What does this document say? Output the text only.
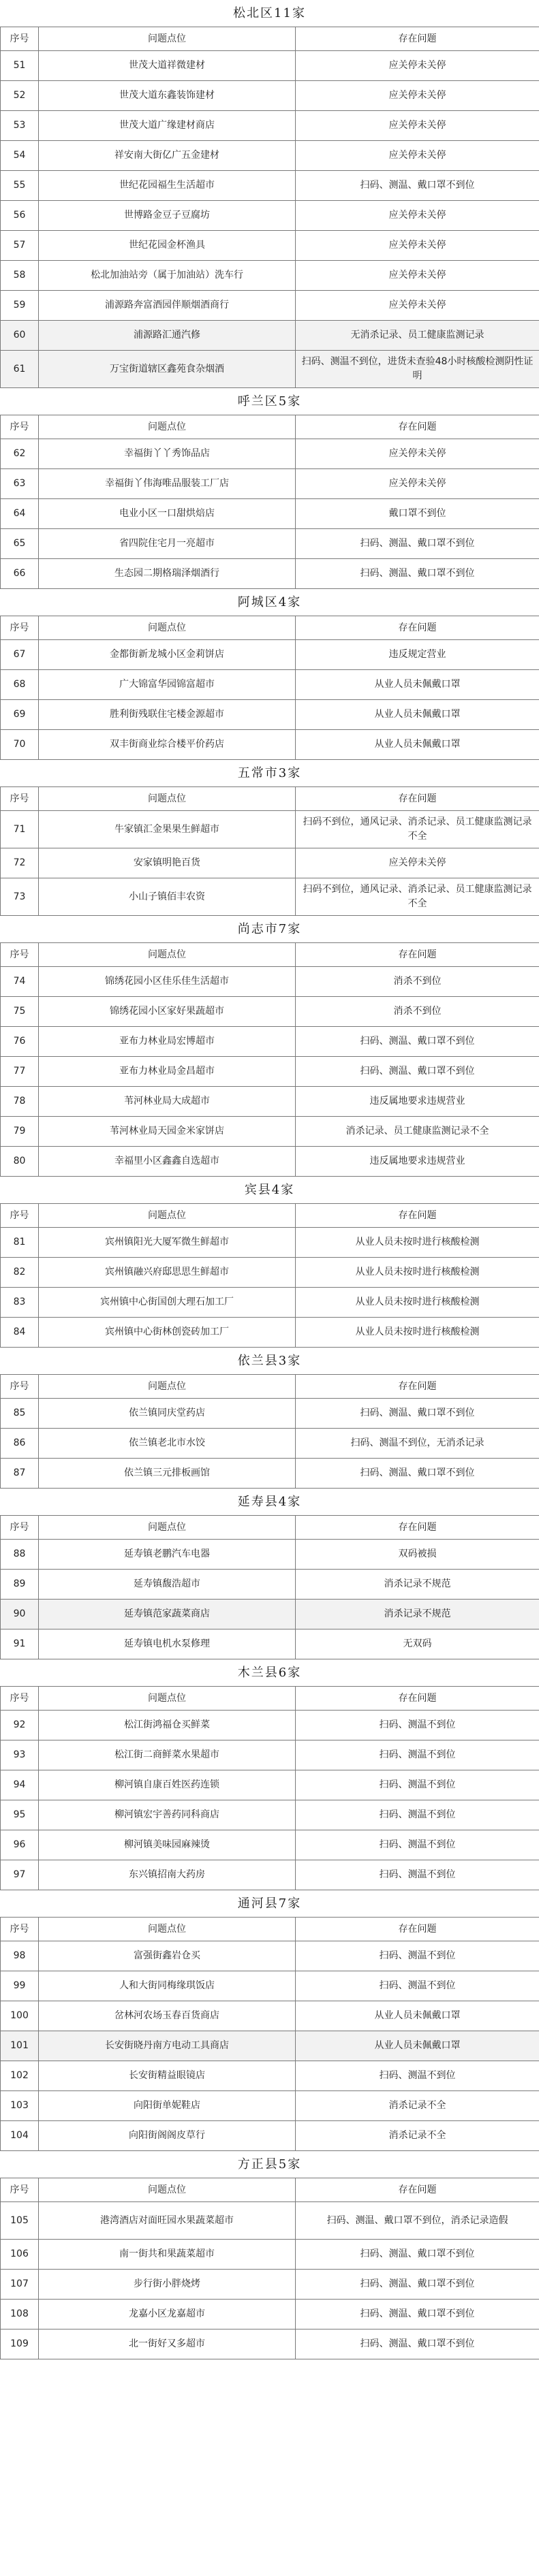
松北区11家
序号	问题点位	存在问题
51	世茂大道祥微建材	应关停未关停
52	世茂大道东鑫装饰建材	应关停未关停
53	世茂大道广缘建材商店	应关停未关停
54	祥安南大街亿广五金建材	应关停未关停
55	世纪花园福生生活超市	扫码、测温、戴口罩不到位
56	世博路金豆子豆腐坊	应关停未关停
57	世纪花园金杯渔具	应关停未关停
58	松北加油站旁（属于加油站）洗车行	应关停未关停
59	浦源路奔富酒园伴顺烟酒商行	应关停未关停
60	浦源路汇通汽修	无消杀记录、员工健康监测记录
61	万宝街道辖区鑫苑食杂烟酒	扫码、测温不到位，进货未查验48小时核酸检测阴性证明
呼兰区5家
序号	问题点位	存在问题
62	幸福街丫丫秀饰品店	应关停未关停
63	幸福街丫伟海唯品服装工厂店	应关停未关停
64	电业小区一口甜烘焙店	戴口罩不到位
65	省四院住宅月一亮超市	扫码、测温、戴口罩不到位
66	生态园二期格瑞泽烟酒行	扫码、测温、戴口罩不到位
阿城区4家
序号	问题点位	存在问题
67	金都街新龙城小区金莉饼店	违反规定营业
68	广大锦富华园锦富超市	从业人员未佩戴口罩
69	胜利街残联住宅楼金源超市	从业人员未佩戴口罩
70	双丰街商业综合楼平价药店	从业人员未佩戴口罩
五常市3家
序号	问题点位	存在问题
71	牛家镇汇金果果生鲜超市	扫码不到位，通风记录、消杀记录、员工健康监测记录不全
72	安家镇明艳百货	应关停未关停
73	小山子镇佰丰农资	扫码不到位，通风记录、消杀记录、员工健康监测记录不全
尚志市7家
序号	问题点位	存在问题
74	锦绣花园小区佳乐佳生活超市	消杀不到位
75	锦绣花园小区家好果蔬超市	消杀不到位
76	亚布力林业局宏博超市	扫码、测温、戴口罩不到位
77	亚布力林业局金昌超市	扫码、测温、戴口罩不到位
78	苇河林业局大成超市	违反属地要求违规营业
79	苇河林业局天园金米家饼店	消杀记录、员工健康监测记录不全
80	幸福里小区鑫鑫自选超市	违反属地要求违规营业
宾县4家
序号	问题点位	存在问题
81	宾州镇阳光大厦军微生鲜超市	从业人员未按时进行核酸检测
82	宾州镇融兴府邸思思生鲜超市	从业人员未按时进行核酸检测
83	宾州镇中心街国创大理石加工厂	从业人员未按时进行核酸检测
84	宾州镇中心街林创瓷砖加工厂	从业人员未按时进行核酸检测
依兰县3家
序号	问题点位	存在问题
85	依兰镇同庆堂药店	扫码、测温、戴口罩不到位
86	依兰镇老北市水饺	扫码、测温不到位，无消杀记录
87	依兰镇三元排板画馆	扫码、测温、戴口罩不到位
延寿县4家
序号	问题点位	存在问题
88	延寿镇老鹏汽车电器	双码被损
89	延寿镇馥浩超市	消杀记录不规范
90	延寿镇范家蔬菜商店	消杀记录不规范
91	延寿镇电机水泵修理	无双码
木兰县6家
序号	问题点位	存在问题
92	松江街鸿福仓买鲜菜	扫码、测温不到位
93	松江街二商鲜菜水果超市	扫码、测温不到位
94	柳河镇自康百姓医药连锁	扫码、测温不到位
95	柳河镇宏宇善药同科商店	扫码、测温不到位
96	柳河镇美味园麻辣烫	扫码、测温不到位
97	东兴镇招南大药房	扫码、测温不到位
通河县7家
序号	问题点位	存在问题
98	富强街鑫岩仓买	扫码、测温不到位
99	人和大街同梅缘琪饭店	扫码、测温不到位
100	岔林河农场玉春百货商店	从业人员未佩戴口罩
101	长安街晓丹南方电动工具商店	从业人员未佩戴口罩
102	长安街精益眼镜店	扫码、测温不到位
103	向阳街单妮鞋店	消杀记录不全
104	向阳街阁阁皮草行	消杀记录不全
方正县5家
序号	问题点位	存在问题
105	港湾酒店对面旺园水果蔬菜超市	扫码、测温、戴口罩不到位，消杀记录造假
106	南一街共和果蔬菜超市	扫码、测温、戴口罩不到位
107	步行街小胖烧烤	扫码、测温、戴口罩不到位
108	龙嘉小区龙嘉超市	扫码、测温、戴口罩不到位
109	北一街好又多超市	扫码、测温、戴口罩不到位
